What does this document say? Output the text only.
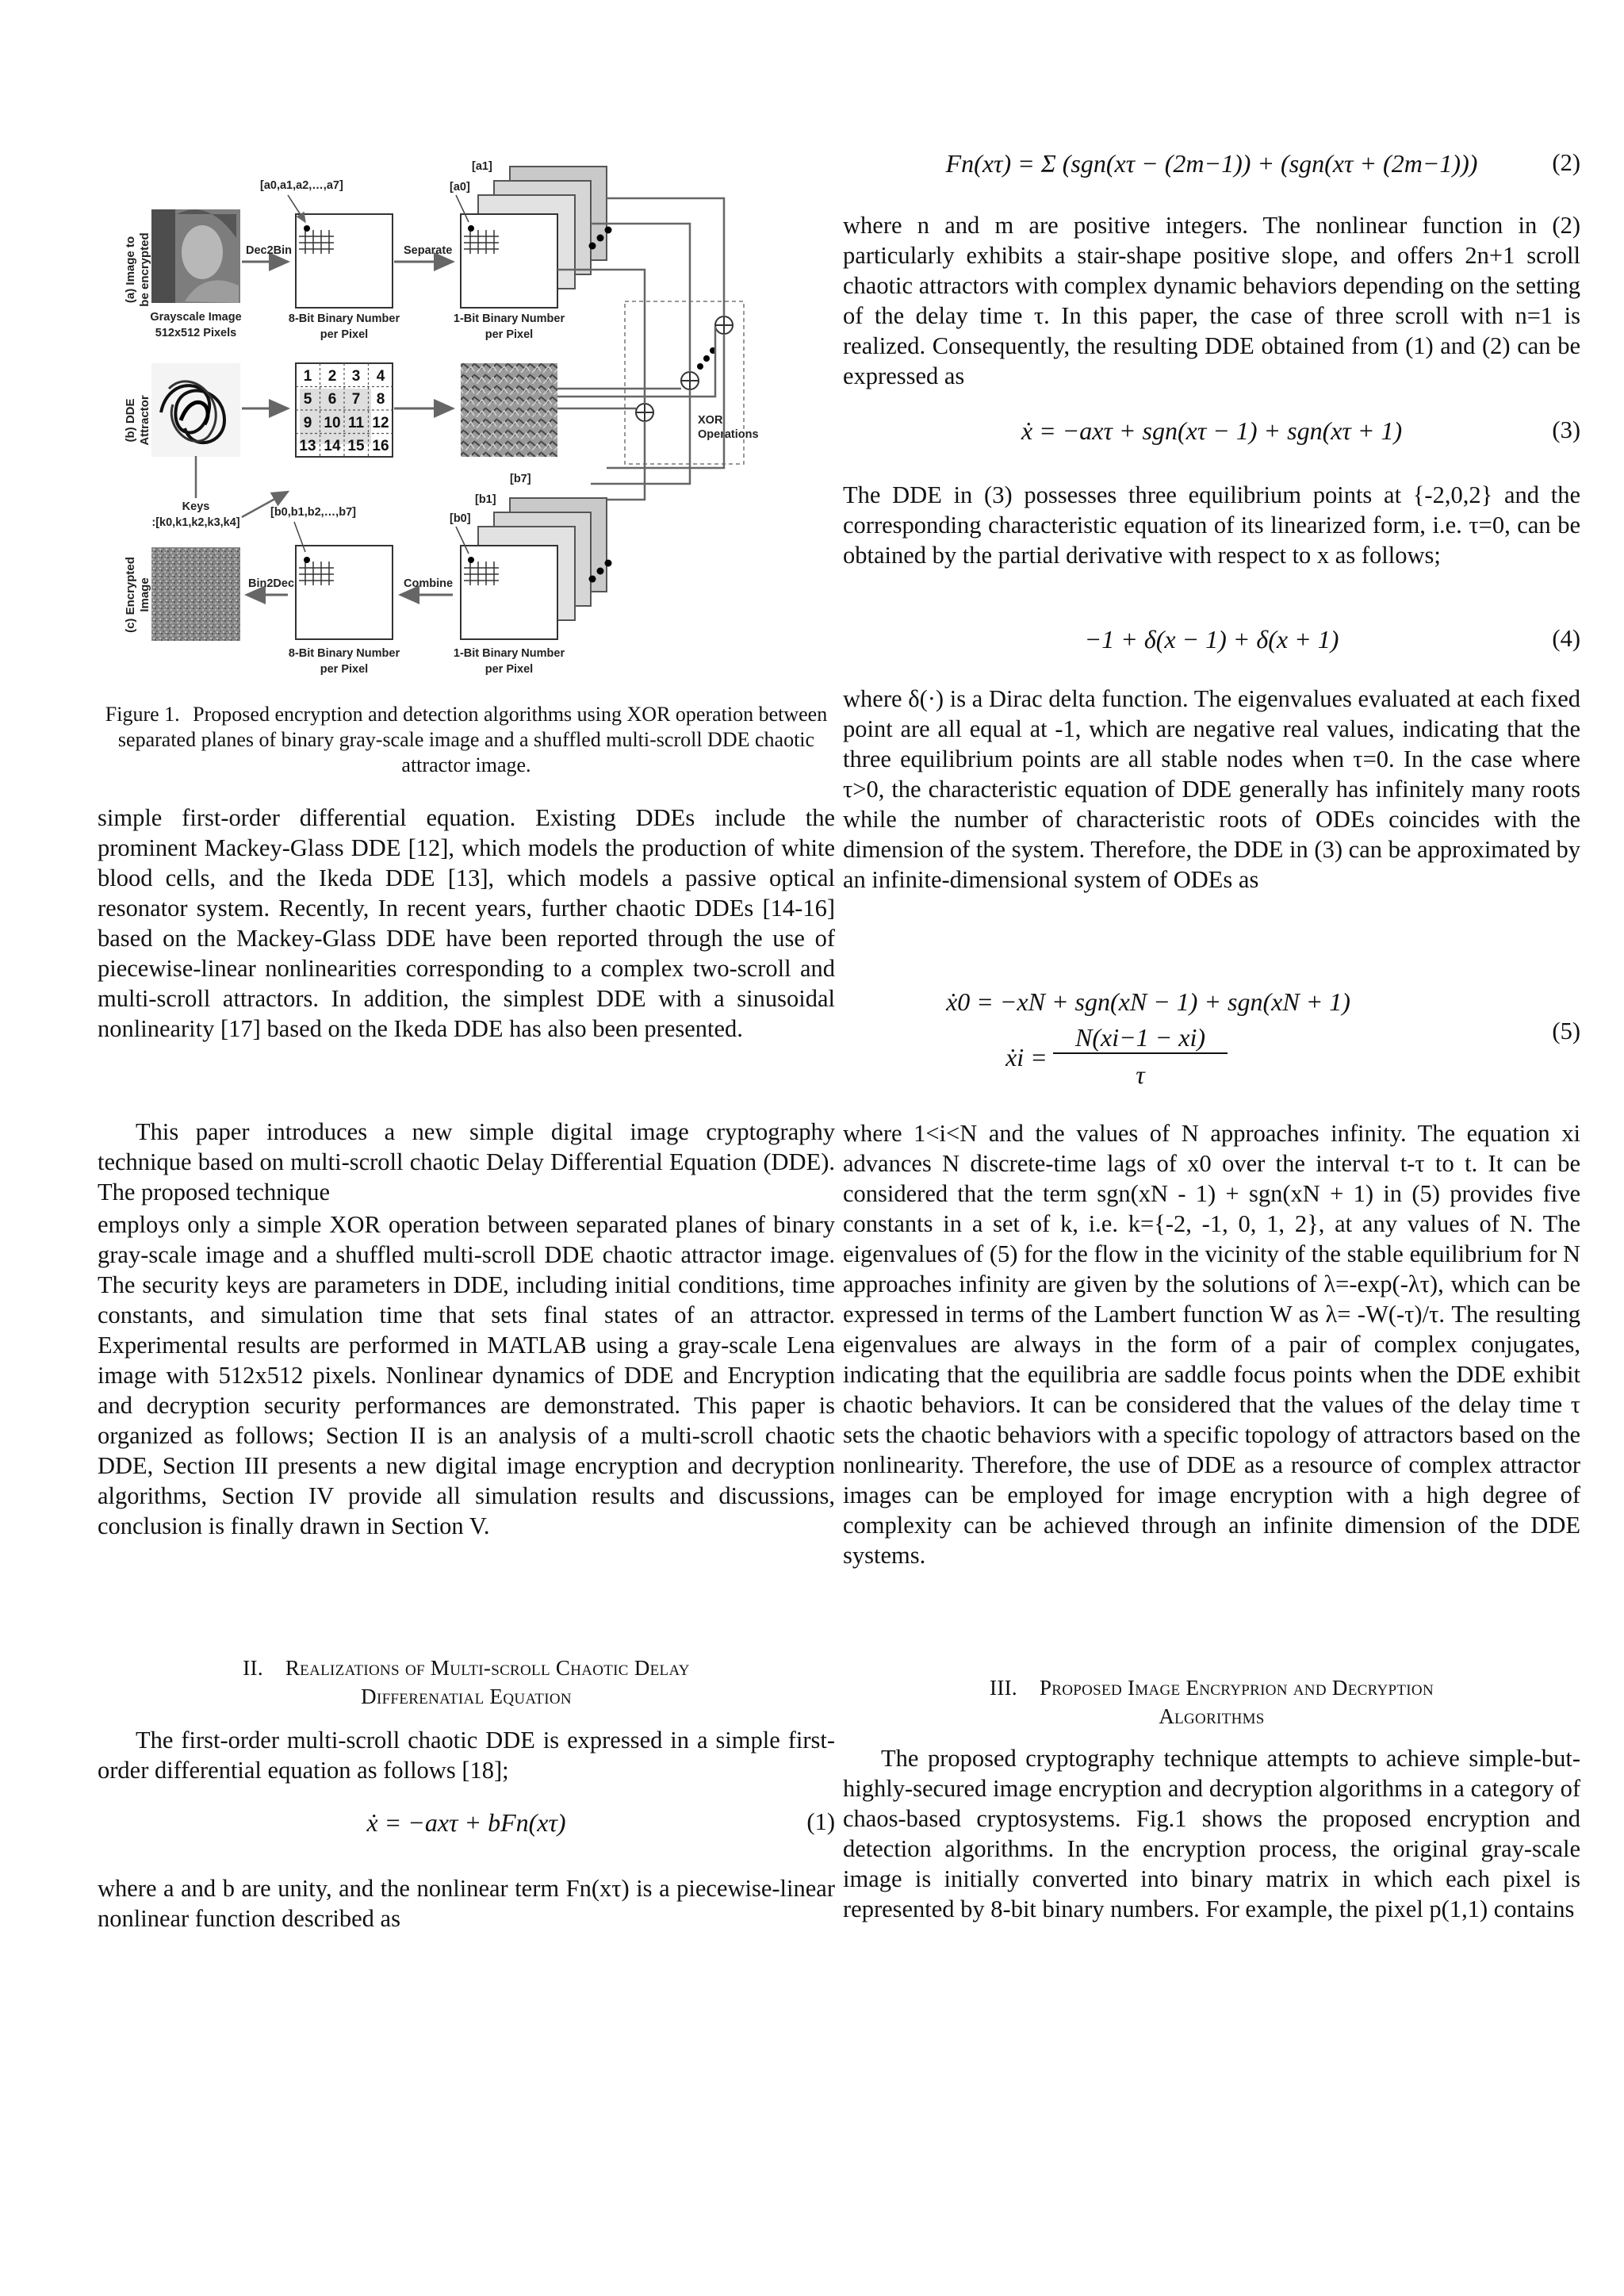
(a) Image tobe encrypted
(b) DDEAttractor
(c) EncryptedImage
Grayscale Image
512x512 Pixels
Keys
:[k0,k1,k2,k3,k4]
Dec2Bin
[a0,a1,a2,…,a7]
8-Bit Binary Number
per Pixel
Separate
[a0]
[a1]
1-Bit Binary Number
per Pixel
1 2 3 4
5 6 7 8
9 10 11 12
13 14 15 16
XOR
Operations
[b0]
[b1]
[b7]
Combine
[b0,b1,b2,…,b7]
Bin2Dec
8-Bit Binary Number
per Pixel
1-Bit Binary Number
per Pixel
Figure 1. Proposed encryption and detection algorithms using XOR operation between separated planes of binary gray-scale image and a shuffled multi-scroll DDE chaotic attractor image.

simple first-order differential equation. Existing DDEs include the prominent Mackey-Glass DDE [12], which models the production of white blood cells, and the Ikeda DDE [13], which models a passive optical resonator system. Recently, In recent years, further chaotic DDEs [14-16] based on the Mackey-Glass DDE have been reported through the use of piecewise-linear nonlinearities corresponding to a complex two-scroll and multi-scroll attractors. In addition, the simplest DDE with a sinusoidal nonlinearity [17] based on the Ikeda DDE has also been presented.

This paper introduces a new simple digital image cryptography technique based on multi-scroll chaotic Delay Differential Equation (DDE). The proposed technique

employs only a simple XOR operation between separated planes of binary gray-scale image and a shuffled multi-scroll DDE chaotic attractor image. The security keys are parameters in DDE, including initial conditions, time constants, and simulation time that sets final states of an attractor. Experimental results are performed in MATLAB using a gray-scale Lena image with 512x512 pixels. Nonlinear dynamics of DDE and Encryption and decryption security performances are demonstrated. This paper is organized as follows; Section II is an analysis of a multi-scroll chaotic DDE, Section III presents a new digital image encryption and decryption algorithms, Section IV provide all simulation results and discussions, conclusion is finally drawn in Section V.

II. Realizations of Multi-scroll Chaotic Delay
Differenatial Equation

The first-order multi-scroll chaotic DDE is expressed in a simple first-order differential equation as follows [18];

ẋ = −axτ + bFn(xτ)	(1)

where a and b are unity, and the nonlinear term Fn(xτ) is a piecewise-linear nonlinear function described as

Fn(xτ) = Σ (sgn(xτ − (2m−1)) + (sgn(xτ + (2m−1)))	(2)

where n and m are positive integers. The nonlinear function in (2) particularly exhibits a stair-shape positive slope, and offers 2n+1 scroll chaotic attractors with complex dynamic behaviors depending on the setting of the delay time τ. In this paper, the case of three scroll with n=1 is realized. Consequently, the resulting DDE obtained from (1) and (2) can be expressed as

ẋ = −axτ + sgn(xτ − 1) + sgn(xτ + 1)	(3)

The DDE in (3) possesses three equilibrium points at {-2,0,2} and the corresponding characteristic equation of its linearized form, i.e. τ=0, can be obtained by the partial derivative with respect to x as follows;

−1 + δ(x − 1) + δ(x + 1)	(4)

where δ(·) is a Dirac delta function. The eigenvalues evaluated at each fixed point are all equal at -1, which are negative real values, indicating that the three equilibrium points are all stable nodes when τ=0. In the case where τ>0, the characteristic equation of DDE generally has infinitely many roots while the number of characteristic roots of ODEs coincides with the dimension of the system. Therefore, the DDE in (3) can be approximated by an infinite-dimensional system of ODEs as

ẋ0 = −xN + sgn(xN − 1) + sgn(xN + 1)
ẋi =
N(xi−1 − xi)
τ
(5)

where 1<i<N and the values of N approaches infinity. The equation xi advances N discrete-time lags of x0 over the interval t-τ to t. It can be considered that the term sgn(xN - 1) + sgn(xN + 1) in (5) provides five constants in a set of k, i.e. k={-2, -1, 0, 1, 2}, at any values of N. The eigenvalues of (5) for the flow in the vicinity of the stable equilibrium for N approaches infinity are given by the solutions of λ=-exp(-λτ), which can be expressed in terms of the Lambert function W as λ= -W(-τ)/τ. The resulting eigenvalues are always in the form of a pair of complex conjugates, indicating that the equilibria are saddle focus points when the DDE exhibit chaotic behaviors. It can be considered that the values of the delay time τ sets the chaotic behaviors with a specific topology of attractors based on the nonlinearity. Therefore, the use of DDE as a resource of complex attractor images can be employed for image encryption with a high degree of complexity can be achieved through an infinite dimension of the DDE systems.

III. Proposed Image Encryprion and Decryption
Algorithms

The proposed cryptography technique attempts to achieve simple-but-highly-secured image encryption and decryption algorithms in a category of chaos-based cryptosystems. Fig.1 shows the proposed encryption and detection algorithms. In the encryption process, the original gray-scale image is initially converted into binary matrix in which each pixel is represented by 8-bit binary numbers. For example, the pixel p(1,1) contains
